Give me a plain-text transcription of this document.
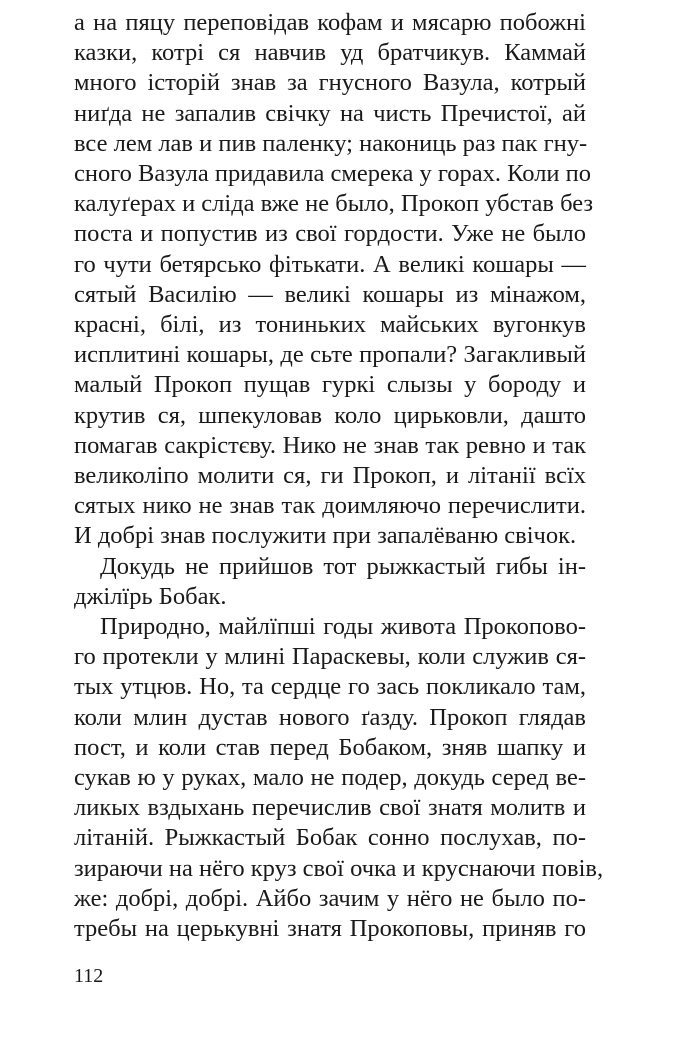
а на пяцу переповідав кофам и мясарю побожні
казки, котрі ся навчив уд братчикув. Каммай
много історій знав за гнусного Вазула, котрый
ниґда не запалив свічку на чисть Пречистої, ай
все лем лав и пив паленку; накониць раз пак гну-
сного Вазула придавила смерека у горах. Коли по
калуґерах и сліда вже не было, Прокоп убстав без
поста и попустив из свої гордости. Уже не было
го чути бетярсько фітькати. А великі кошары —
сятый Василію — великі кошары из мінажом,
красні, білі, из тониньких майських вугонкув
исплитині кошары, де сьте пропали? Загакливый
малый Прокоп пущав гуркі слызы у бороду и
крутив ся, шпекуловав коло цирьковли, дашто
помагав сакрістєву. Нико не знав так ревно и так
великоліпо молити ся, ги Прокоп, и літанії всїх
сятых нико не знав так доимляючо перечислити.
И добрі знав послужити при запалёваню свічок.
Докудь не прийшов тот рыжкастый гибы ін-
джілїрь Бобак.
Природно, майлїпші годы живота Прокопово-
го протекли у млині Параскевы, коли служив ся-
тых утцюв. Но, та сердце го зась покликало там,
коли млин дустав нового ґазду. Прокоп глядав
пост, и коли став перед Бобаком, зняв шапку и
сукав ю у руках, мало не подер, докудь серед ве-
ликых вздыхань перечислив свої знатя молитв и
літаній. Рыжкастый Бобак сонно послухав, по-
зираючи на нёго круз свої очка и круснаючи повів,
же: добрі, добрі. Айбо зачим у нёго не было по-
требы на церькувні знатя Прокоповы, приняв го
112
